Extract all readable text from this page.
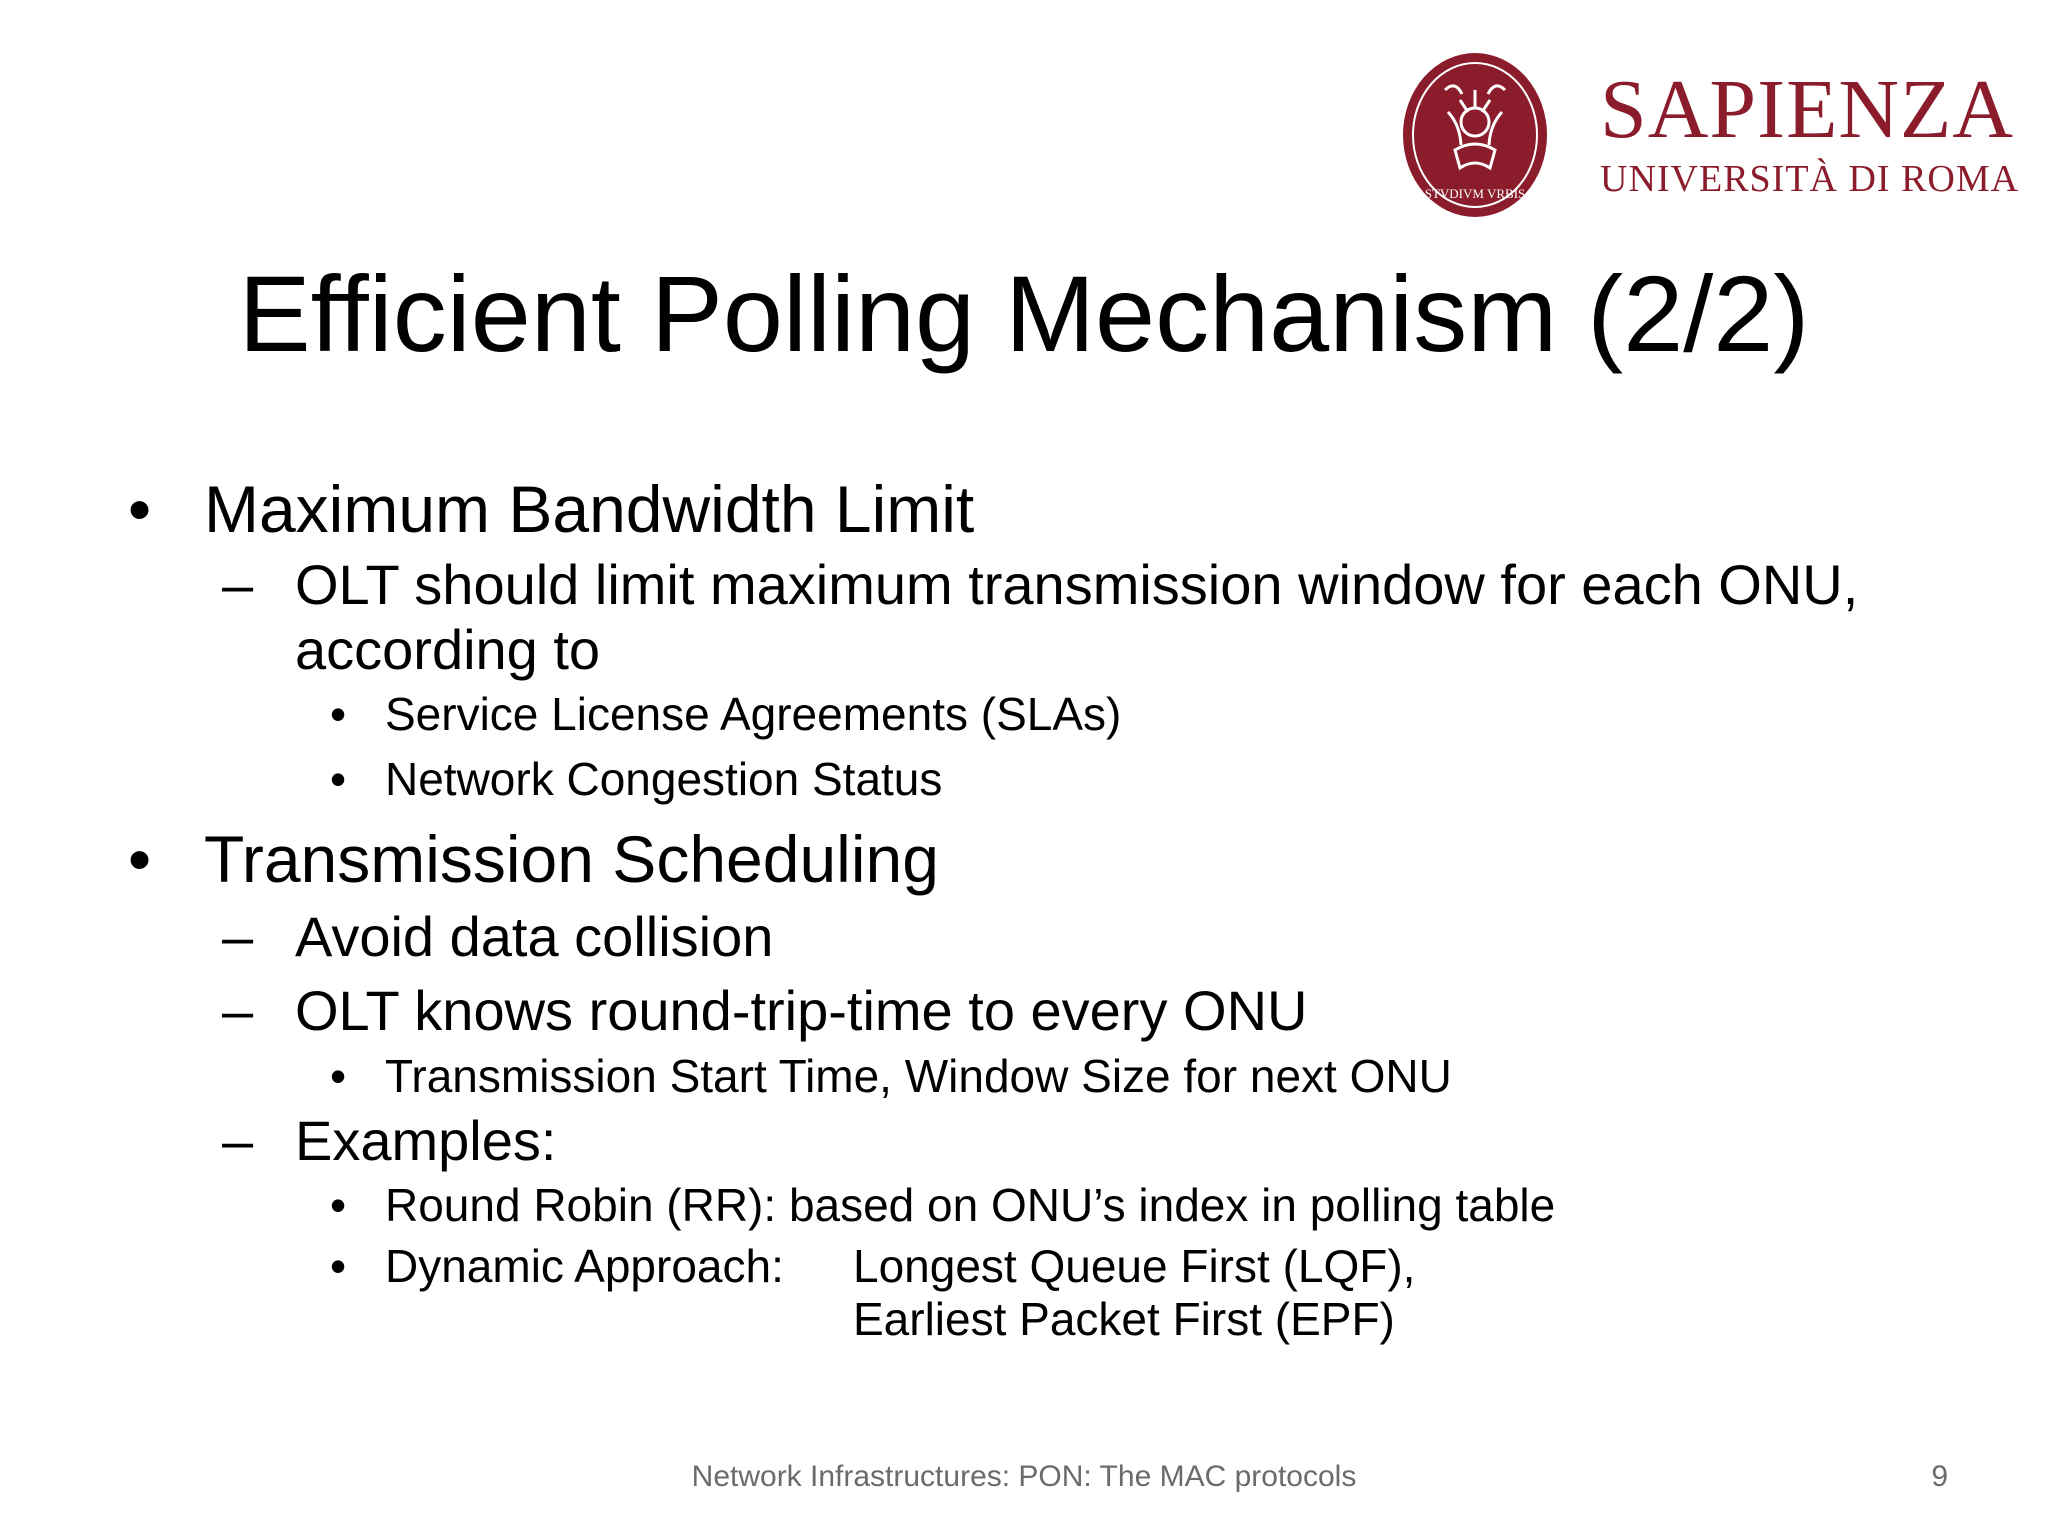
STVDIVM VRBIS
SAPIENZA
UNIVERSITÀ DI ROMA
Efficient Polling Mechanism (2/2)

• Maximum Bandwidth Limit

– OLT should limit maximum transmission window for each ONU,
according to

• Service License Agreements (SLAs)

• Network Congestion Status

• Transmission Scheduling

– Avoid data collision

– OLT knows round-trip-time to every ONU

• Transmission Start Time, Window Size for next ONU

– Examples:

• Round Robin (RR): based on ONU’s index in polling table

• Dynamic Approach:	Longest Queue First (LQF),
Earliest Packet First (EPF)
Network Infrastructures: PON: The MAC protocols	9
